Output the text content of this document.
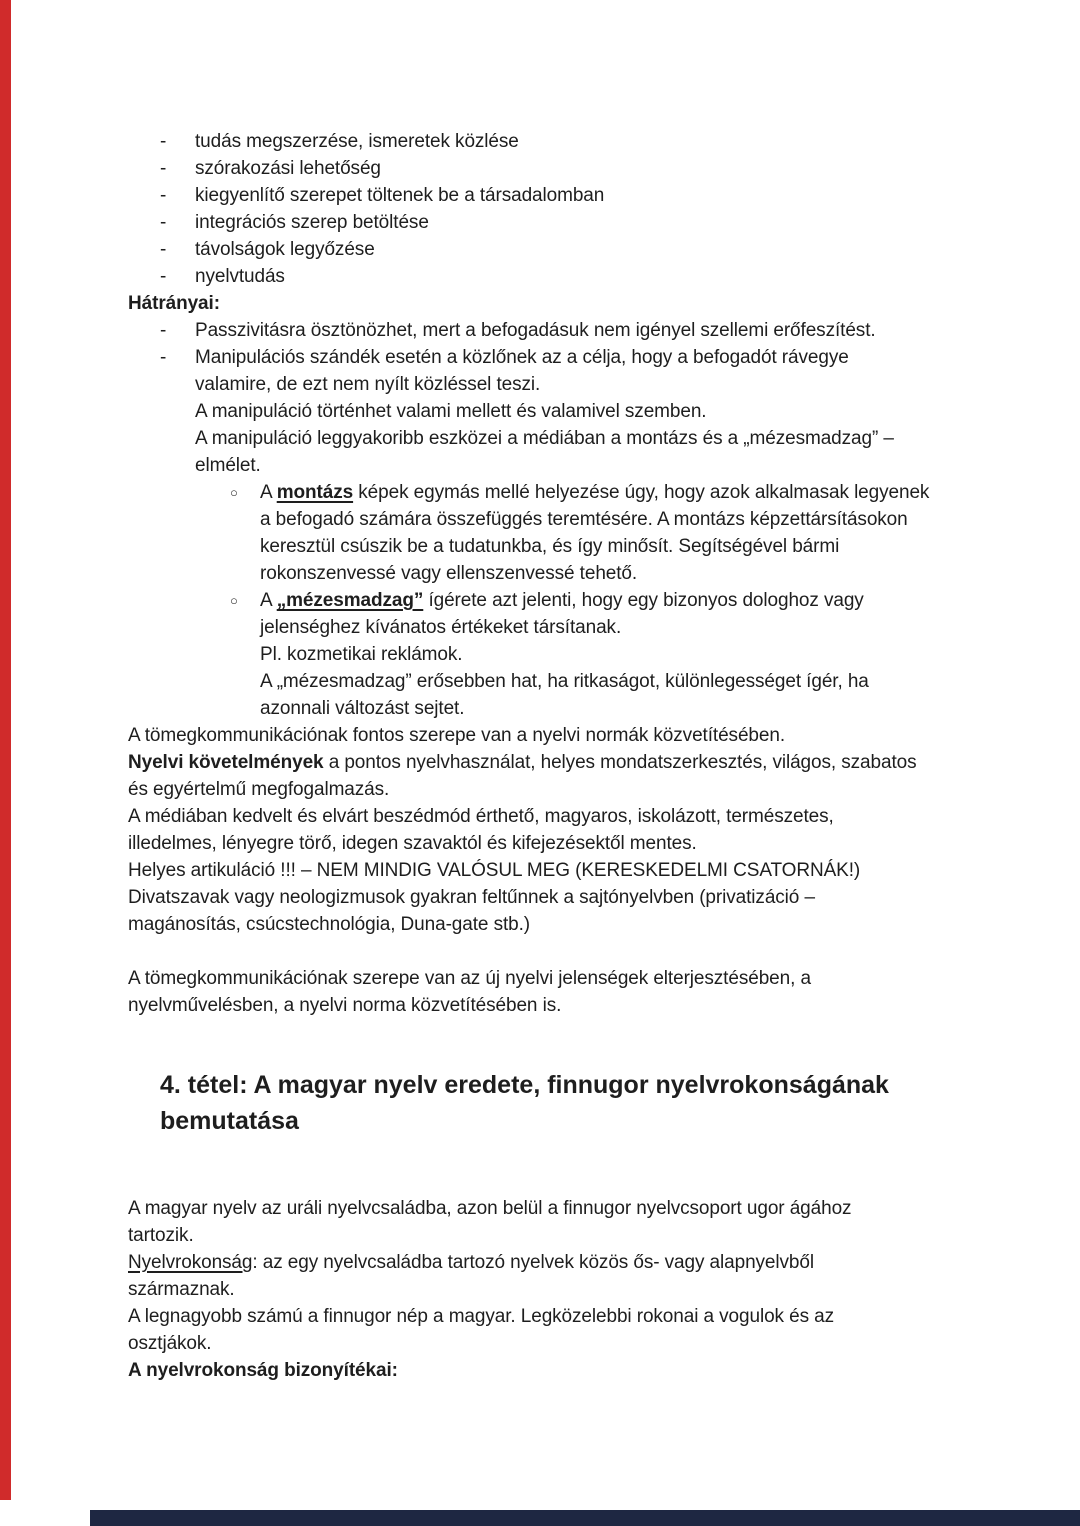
- tudás megszerzése, ismeretek közlése
- szórakozási lehetőség
- kiegyenlítő szerepet töltenek be a társadalomban
- integrációs szerep betöltése
- távolságok legyőzése
- nyelvtudás
Hátrányai:
- Passzivitásra ösztönözhet, mert a befogadásuk nem igényel szellemi erőfeszítést.
- Manipulációs szándék esetén a közlőnek az a célja, hogy a befogadót rávegye
valamire, de ezt nem nyílt közléssel teszi.
A manipuláció történhet valami mellett és valamivel szemben.
A manipuláció leggyakoribb eszközei a médiában a montázs és a „mézesmadzag” –
elmélet.
○ A montázs képek egymás mellé helyezése úgy, hogy azok alkalmasak legyenek
a befogadó számára összefüggés teremtésére. A montázs képzettársításokon
keresztül csúszik be a tudatunkba, és így minősít. Segítségével bármi
rokonszenvessé vagy ellenszenvessé tehető.
○ A „mézesmadzag” ígérete azt jelenti, hogy egy bizonyos dologhoz vagy
jelenséghez kívánatos értékeket társítanak.
Pl. kozmetikai reklámok.
A „mézesmadzag” erősebben hat, ha ritkaságot, különlegességet ígér, ha
azonnali változást sejtet.
A tömegkommunikációnak fontos szerepe van a nyelvi normák közvetítésében.
Nyelvi követelmények a pontos nyelvhasználat, helyes mondatszerkesztés, világos, szabatos
és egyértelmű megfogalmazás.
A médiában kedvelt és elvárt beszédmód érthető, magyaros, iskolázott, természetes,
illedelmes, lényegre törő, idegen szavaktól és kifejezésektől mentes.
Helyes artikuláció !!! – NEM MINDIG VALÓSUL MEG (KERESKEDELMI CSATORNÁK!)
Divatszavak vagy neologizmusok gyakran feltűnnek a sajtónyelvben (privatizáció –
magánosítás, csúcstechnológia, Duna-gate stb.)
A tömegkommunikációnak szerepe van az új nyelvi jelenségek elterjesztésében, a
nyelvművelésben, a nyelvi norma közvetítésében is.
4. tétel: A magyar nyelv eredete, finnugor nyelvrokonságának
bemutatása
A magyar nyelv az uráli nyelvcsaládba, azon belül a finnugor nyelvcsoport ugor ágához
tartozik.
Nyelvrokonság: az egy nyelvcsaládba tartozó nyelvek közös ős- vagy alapnyelvből
származnak.
A legnagyobb számú a finnugor nép a magyar. Legközelebbi rokonai a vogulok és az
osztjákok.
A nyelvrokonság bizonyítékai:
